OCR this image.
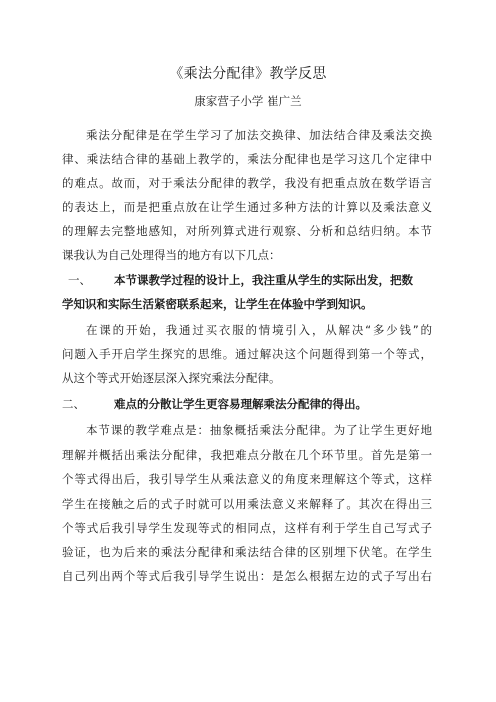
《乘法分配律》教学反思
康家营子小学 崔广兰
乘法分配律是在学生学习了加法交换律、加法结合律及乘法交换
律、乘法结合律的基础上教学的，乘法分配律也是学习这几个定律中
的难点。故而，对于乘法分配律的教学，我没有把重点放在数学语言
的表达上，而是把重点放在让学生通过多种方法的计算以及乘法意义
的理解去完整地感知，对所列算式进行观察、分析和总结归纳。本节
课我认为自己处理得当的地方有以下几点：
一、 本节课教学过程的设计上，我注重从学生的实际出发，把数
学知识和实际生活紧密联系起来，让学生在体验中学到知识。
在课的开始，我通过买衣服的情境引入，从解决“多少钱”的
问题入手开启学生探究的思维。通过解决这个问题得到第一个等式，
从这个等式开始逐层深入探究乘法分配律。
二、	难点的分散让学生更容易理解乘法分配律的得出。
本节课的教学难点是：抽象概括乘法分配律。为了让学生更好地
理解并概括出乘法分配律，我把难点分散在几个环节里。首先是第一
个等式得出后，我引导学生从乘法意义的角度来理解这个等式，这样
学生在接触之后的式子时就可以用乘法意义来解释了。其次在得出三
个等式后我引导学生发现等式的相同点，这样有利于学生自己写式子
验证，也为后来的乘法分配律和乘法结合律的区别埋下伏笔。在学生
自己列出两个等式后我引导学生说出：是怎么根据左边的式子写出右
